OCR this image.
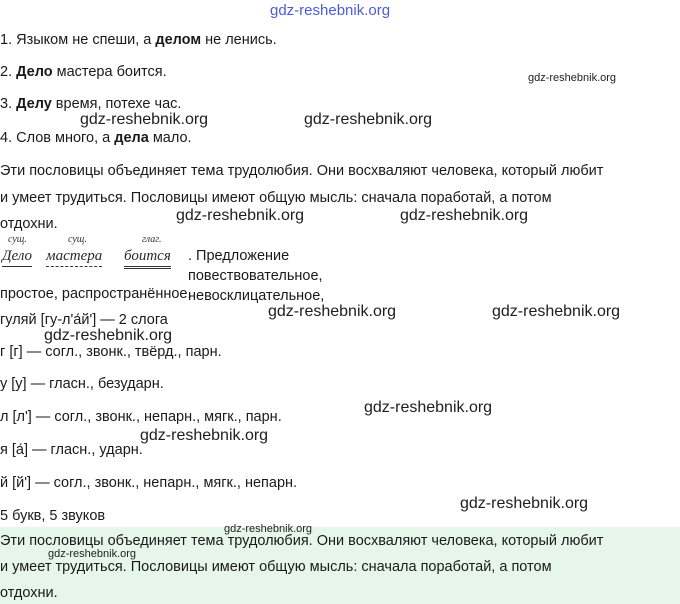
gdz-reshebnik.org
1. Языком не спеши, а делом не ленись.
2. Дело мастера боится.
3. Делу время, потехе час.
4. Слов много, а дела мало.
Эти пословицы объединяет тема трудолюбия. Они восхваляют человека, который любит
и умеет трудиться. Пословицы имеют общую мысль: сначала поработай, а потом
отдохни.
сущ.	сущ.	глаг.
Дело мастера боится . Предложение повествовательное, невосклицательное,
простое, распространённое.
гуляй [гу-л'а́й'] — 2 слога
г [г] — согл., звонк., твёрд., парн.
у [у] — гласн., безударн.
л [л'] — согл., звонк., непарн., мягк., парн.
я [а́] — гласн., ударн.
й [й'] — согл., звонк., непарн., мягк., непарн.
5 букв, 5 звуков
Эти пословицы объединяет тема трудолюбия. Они восхваляют человека, который любит
и умеет трудиться. Пословицы имеют общую мысль: сначала поработай, а потом
отдохни.
gdz-reshebnik.org
gdz-reshebnik.org	gdz-reshebnik.org
gdz-reshebnik.org	gdz-reshebnik.org
gdz-reshebnik.org	gdz-reshebnik.org
gdz-reshebnik.org
gdz-reshebnik.org
gdz-reshebnik.org
gdz-reshebnik.org
gdz-reshebnik.org
gdz-reshebnik.org
